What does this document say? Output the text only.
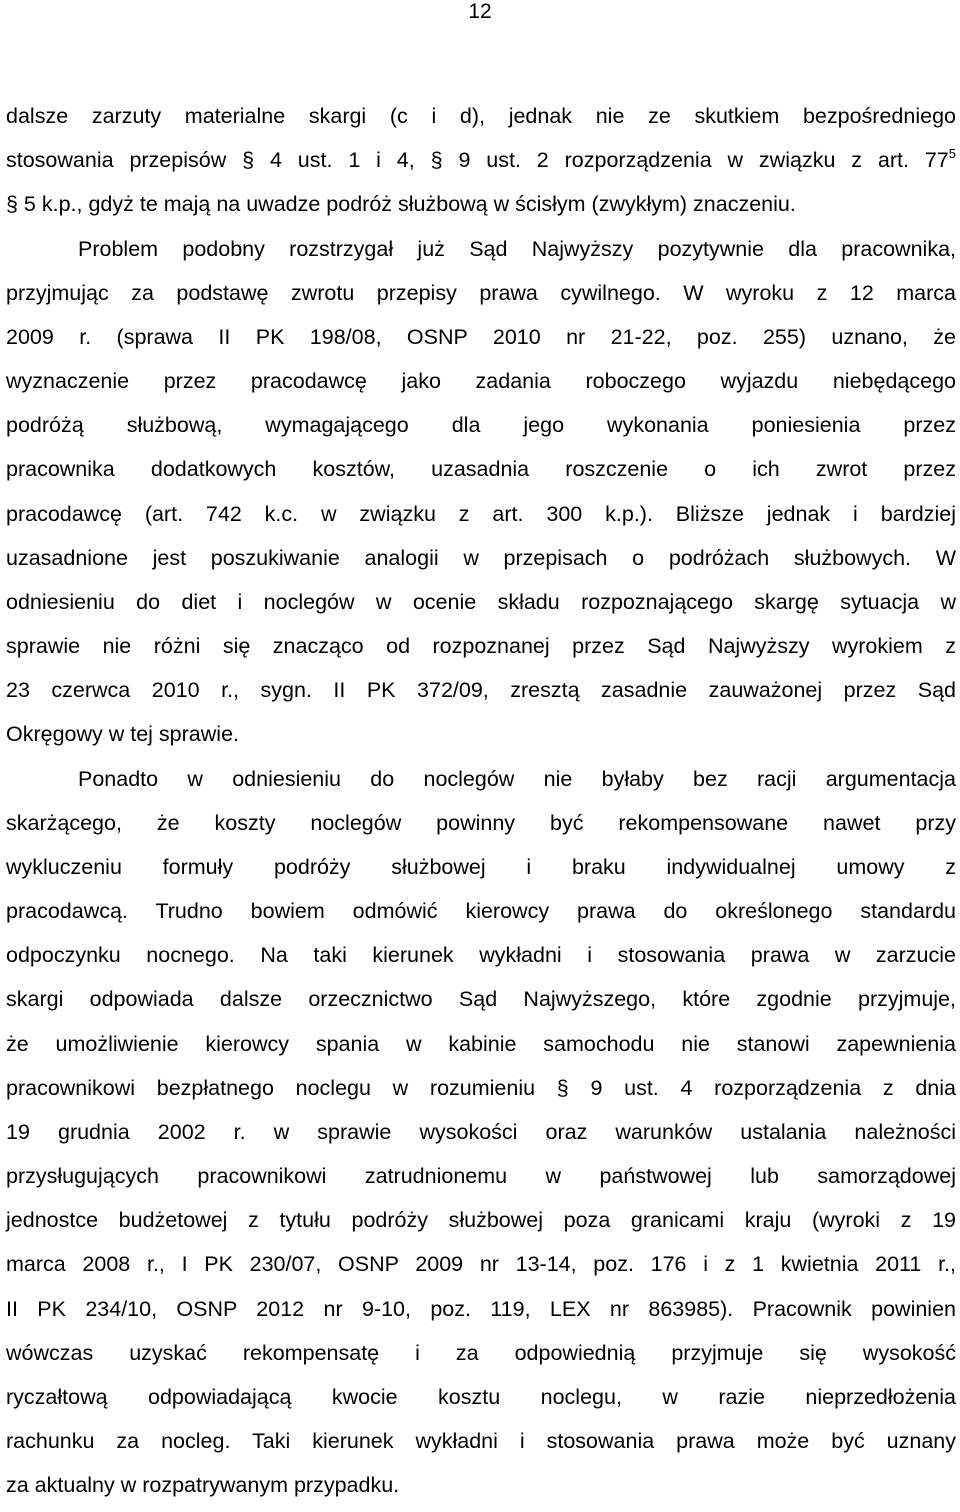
12
dalsze zarzuty materialne skargi (c i d), jednak nie ze skutkiem bezpośredniego
stosowania przepisów § 4 ust. 1 i 4, § 9 ust. 2 rozporządzenia w związku z art. $77^5$
§ 5 k.p., gdyż te mają na uwadze podróż służbową w ścisłym (zwykłym) znaczeniu.
Problem podobny rozstrzygał już Sąd Najwyższy pozytywnie dla pracownika,
przyjmując za podstawę zwrotu przepisy prawa cywilnego. W wyroku z 12 marca
2009 r. (sprawa II PK 198/08, OSNP 2010 nr 21-22, poz. 255) uznano, że
wyznaczenie przez pracodawcę jako zadania roboczego wyjazdu niebędącego
podróżą służbową, wymagającego dla jego wykonania poniesienia przez
pracownika dodatkowych kosztów, uzasadnia roszczenie o ich zwrot przez
pracodawcę (art. 742 k.c. w związku z art. 300 k.p.). Bliższe jednak i bardziej
uzasadnione jest poszukiwanie analogii w przepisach o podróżach służbowych. W
odniesieniu do diet i noclegów w ocenie składu rozpoznającego skargę sytuacja w
sprawie nie różni się znacząco od rozpoznanej przez Sąd Najwyższy wyrokiem z
23 czerwca 2010 r., sygn. II PK 372/09, zresztą zasadnie zauważonej przez Sąd
Okręgowy w tej sprawie.
Ponadto w odniesieniu do noclegów nie byłaby bez racji argumentacja
skarżącego, że koszty noclegów powinny być rekompensowane nawet przy
wykluczeniu formuły podróży służbowej i braku indywidualnej umowy z
pracodawcą. Trudno bowiem odmówić kierowcy prawa do określonego standardu
odpoczynku nocnego. Na taki kierunek wykładni i stosowania prawa w zarzucie
skargi odpowiada dalsze orzecznictwo Sąd Najwyższego, które zgodnie przyjmuje,
że umożliwienie kierowcy spania w kabinie samochodu nie stanowi zapewnienia
pracownikowi bezpłatnego noclegu w rozumieniu § 9 ust. 4 rozporządzenia z dnia
19 grudnia 2002 r. w sprawie wysokości oraz warunków ustalania należności
przysługujących pracownikowi zatrudnionemu w państwowej lub samorządowej
jednostce budżetowej z tytułu podróży służbowej poza granicami kraju (wyroki z 19
marca 2008 r., I PK 230/07, OSNP 2009 nr 13-14, poz. 176 i z 1 kwietnia 2011 r.,
II PK 234/10, OSNP 2012 nr 9-10, poz. 119, LEX nr 863985). Pracownik powinien
wówczas uzyskać rekompensatę i za odpowiednią przyjmuje się wysokość
ryczałtową odpowiadającą kwocie kosztu noclegu, w razie nieprzedłożenia
rachunku za nocleg. Taki kierunek wykładni i stosowania prawa może być uznany
za aktualny w rozpatrywanym przypadku.
